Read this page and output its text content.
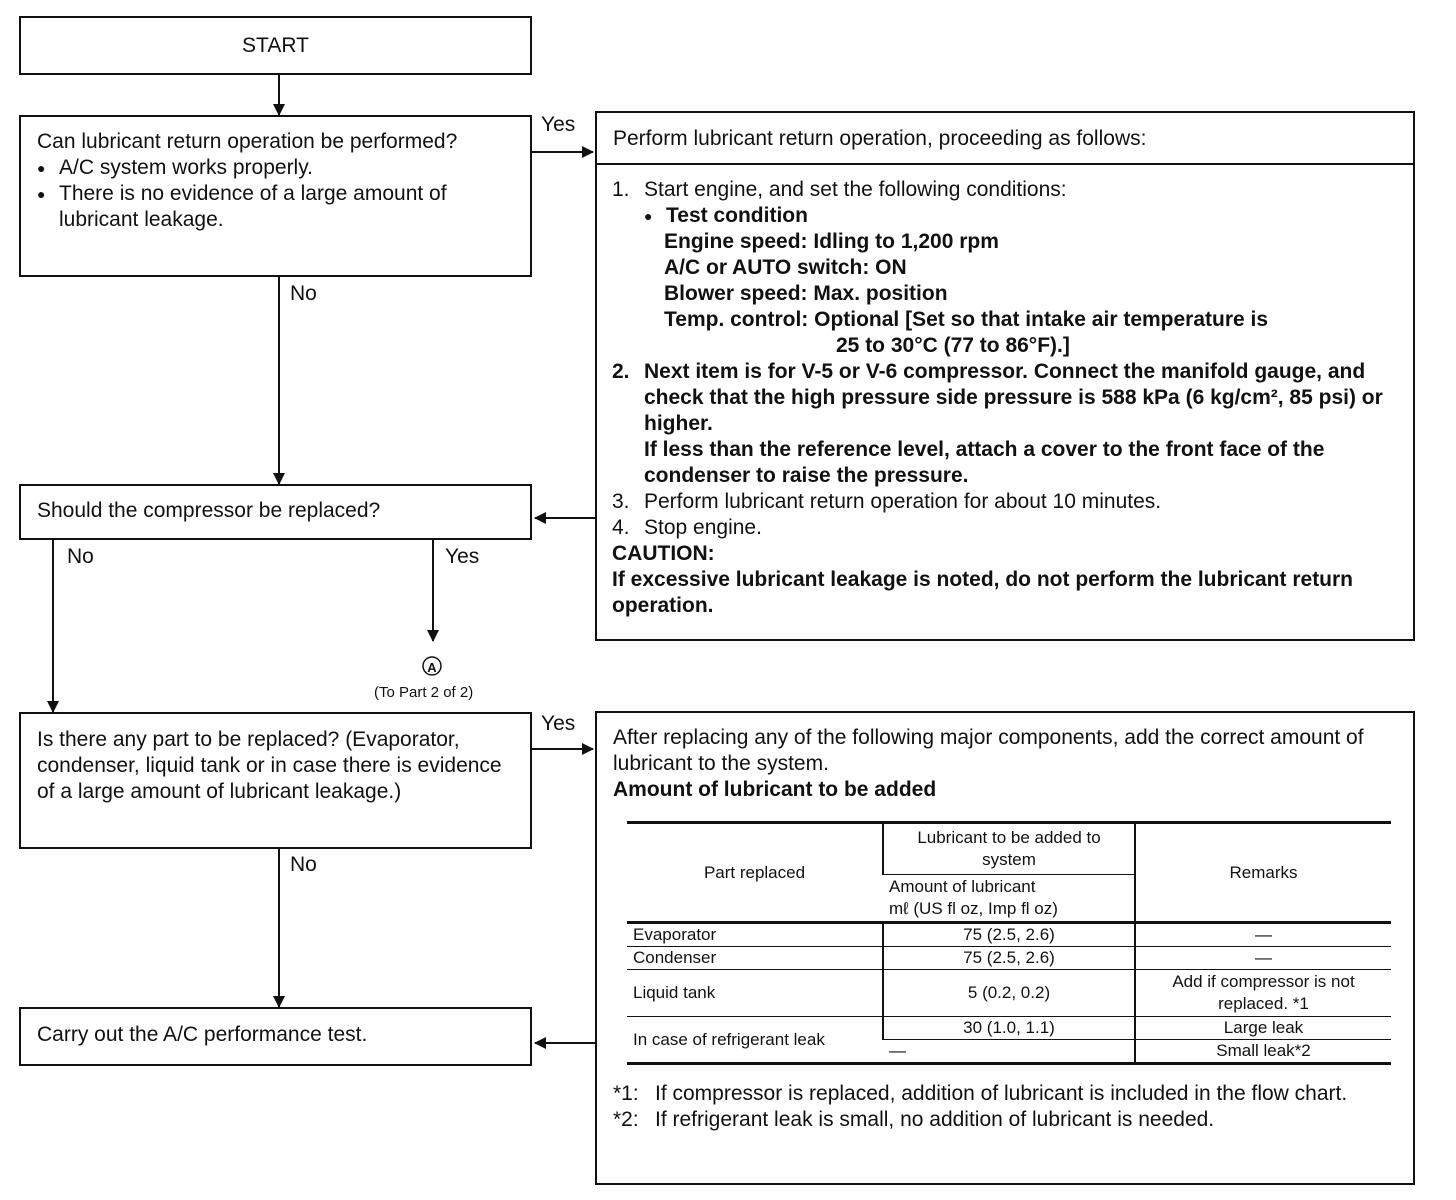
A
START
Can lubricant return operation be performed?
● A/C system works properly.
● There is no evidence of a large amount of lubricant leakage.
Yes
No
Perform lubricant return operation, proceeding as follows:
1. Start engine, and set the following conditions:
● Test condition
Engine speed: Idling to 1,200 rpm
A/C or AUTO switch: ON
Blower speed: Max. position
Temp. control: Optional [Set so that intake air temperature is
25 to 30°C (77 to 86°F).]
2. Next item is for V-5 or V-6 compressor. Connect the manifold gauge, and check that the high pressure side pressure is 588 kPa (6 kg/cm², 85 psi) or higher.
If less than the reference level, attach a cover to the front face of the condenser to raise the pressure.
3. Perform lubricant return operation for about 10 minutes.
4. Stop engine.
CAUTION:
If excessive lubricant leakage is noted, do not perform the lubricant return operation.
Should the compressor be replaced?
No	Yes
(To Part 2 of 2)
Is there any part to be replaced? (Evaporator, condenser, liquid tank or in case there is evidence of a large amount of lubricant leakage.)
Yes
No
After replacing any of the following major components, add the correct amount of lubricant to the system.
Amount of lubricant to be added
Part replaced	Lubricant to be added to system	Remarks

	Amount of lubricant
mℓ (US fl oz, Imp fl oz)	

Evaporator	75 (2.5, 2.6)	—
Condenser	75 (2.5, 2.6)	—
Liquid tank	5 (0.2, 0.2)	Add if compressor is not replaced. *1
In case of refrigerant leak	30 (1.0, 1.1)	Large leak
	—	Small leak*2
*1: If compressor is replaced, addition of lubricant is included in the flow chart.
*2: If refrigerant leak is small, no addition of lubricant is needed.
Carry out the A/C performance test.
